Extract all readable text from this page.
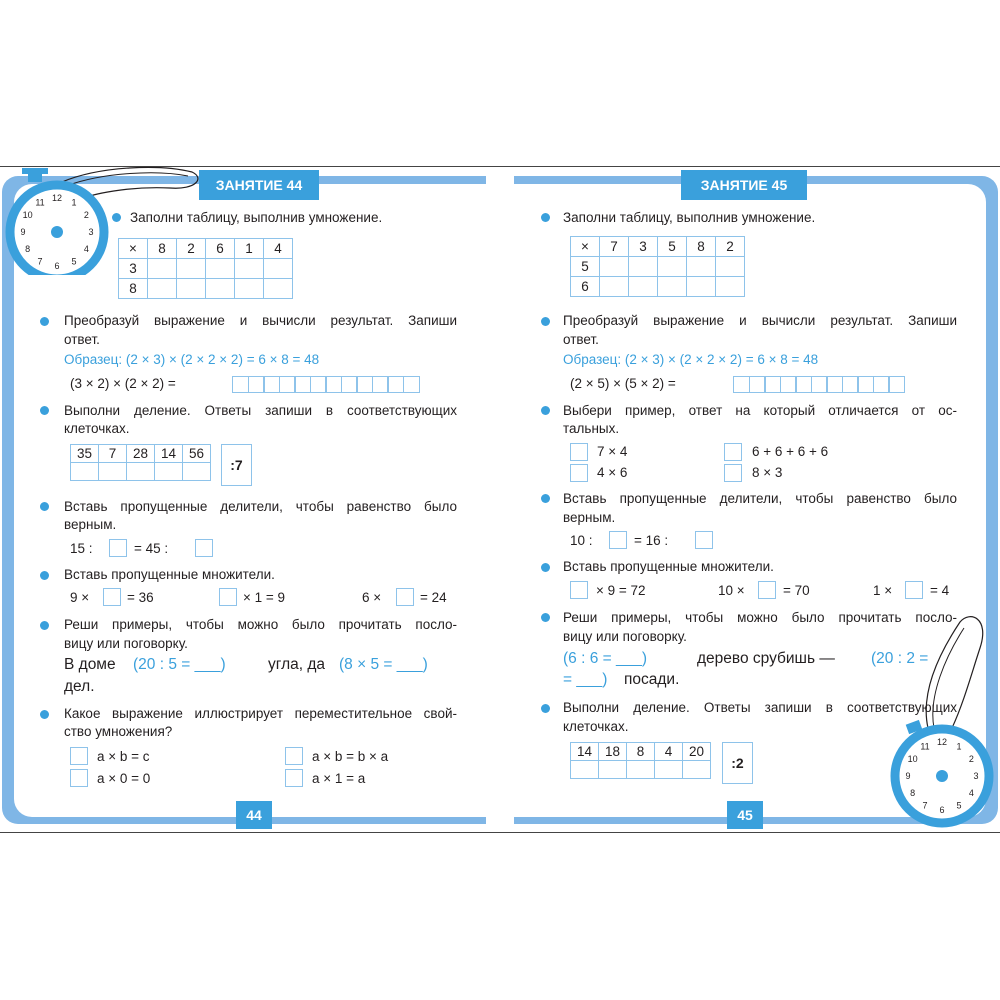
ЗАНЯТИЕ 44
12 1
2
3
4
5
6
7
8
9
10
11
Заполни таблицу, выполнив умножение.
×	8	2	6	1	4
3					
8					
Преобразуй выражение и вычисли результат. Запиши
ответ.
Образец: (2 × 3) × (2 × 2 × 2) = 6 × 8 = 48
(3 × 2) × (2 × 2) =
Выполни деление. Ответы запиши в соответствующих
клеточках.
35	7	28	14	56

:7
Вставь пропущенные делители, чтобы равенство было
верным.
15 :	= 45 :
Вставь пропущенные множители.
9 ×	= 36	× 1 = 9	6 ×	= 24
Реши примеры, чтобы можно было прочитать посло-
вицу или поговорку.
В доме (20 : 5 = ___)	угла, да (8 × 5 = ___)
дел.
Какое выражение иллюстрирует переместительное свой-
ство умножения?
a × b = c
a × 0 = 0
a × b = b × a
a × 1 = a
44
ЗАНЯТИЕ 45
Заполни таблицу, выполнив умножение.
×	7	3	5	8	2
5					
6					
Преобразуй выражение и вычисли результат. Запиши
ответ.
Образец: (2 × 3) × (2 × 2 × 2) = 6 × 8 = 48
(2 × 5) × (5 × 2) =
Выбери пример, ответ на который отличается от ос-
тальных.
7 × 4
4 × 6
6 + 6 + 6 + 6
8 × 3
Вставь пропущенные делители, чтобы равенство было
верным.
10 :	= 16 :
Вставь пропущенные множители.
× 9 = 72	10 ×	= 70	1 ×	= 4
Реши примеры, чтобы можно было прочитать посло-
вицу или поговорку.
(6 : 6 = ___)	дерево срубишь — (20 : 2 =
= ___) посади.
Выполни деление. Ответы запиши в соответствующих
клеточках.
14	18	8	4	20

:2
45
12 1
2
3
4
5
6
7
8
9
10
11
